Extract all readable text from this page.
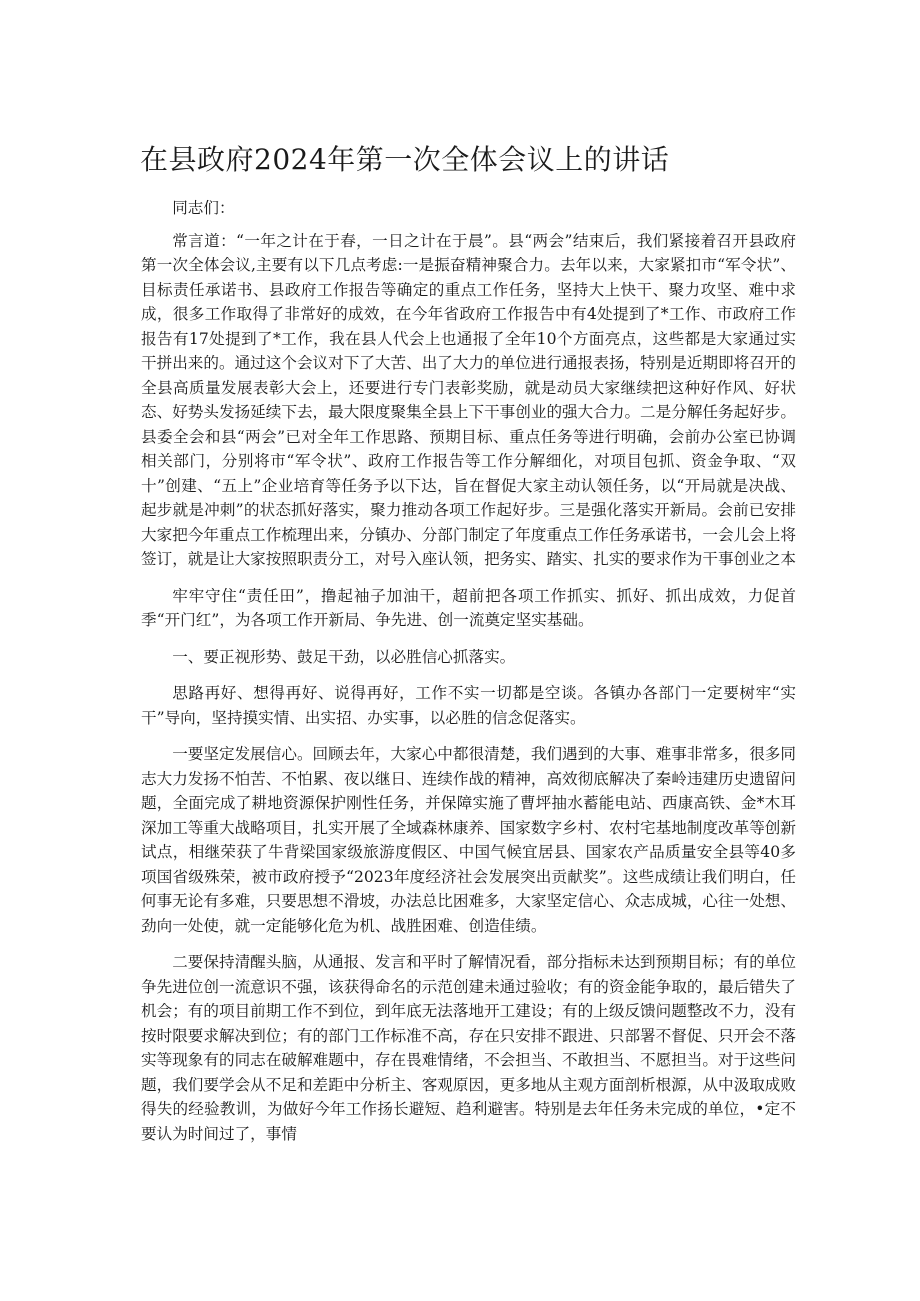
在县政府2024年第一次全体会议上的讲话

同志们：

常言道：“一年之计在于春，一日之计在于晨”。县“两会”结束后，我们紧接着召开县政府第一次全体会议,主要有以下几点考虑:一是振奋精神聚合力。去年以来，大家紧扣市“军令状”、目标责任承诺书、县政府工作报告等确定的重点工作任务，坚持大上快干、聚力攻坚、难中求成，很多工作取得了非常好的成效，在今年省政府工作报告中有4处提到了*工作、市政府工作报告有17处提到了*工作，我在县人代会上也通报了全年10个方面亮点，这些都是大家通过实干拼出来的。通过这个会议对下了大苦、出了大力的单位进行通报表扬，特别是近期即将召开的全县高质量发展表彰大会上，还要进行专门表彰奖励，就是动员大家继续把这种好作风、好状态、好势头发扬延续下去，最大限度聚集全县上下干事创业的强大合力。二是分解任务起好步。县委全会和县“两会”已对全年工作思路、预期目标、重点任务等进行明确，会前办公室已协调相关部门，分别将市“军令状”、政府工作报告等工作分解细化，对项目包抓、资金争取、“双十”创建、“五上”企业培育等任务予以下达，旨在督促大家主动认领任务，以“开局就是决战、起步就是冲刺”的状态抓好落实，聚力推动各项工作起好步。三是强化落实开新局。会前已安排大家把今年重点工作梳理出来，分镇办、分部门制定了年度重点工作任务承诺书，一会儿会上将签订，就是让大家按照职责分工，对号入座认领，把务实、踏实、扎实的要求作为干事创业之本

牢牢守住“责任田”，撸起袖子加油干，超前把各项工作抓实、抓好、抓出成效，力促首季“开门红”，为各项工作开新局、争先进、创一流奠定坚实基础。

一、要正视形势、鼓足干劲，以必胜信心抓落实。

思路再好、想得再好、说得再好，工作不实一切都是空谈。各镇办各部门一定要树牢“实干”导向，坚持摸实情、出实招、办实事，以必胜的信念促落实。

一要坚定发展信心。回顾去年，大家心中都很清楚，我们遇到的大事、难事非常多，很多同志大力发扬不怕苦、不怕累、夜以继日、连续作战的精神，高效彻底解决了秦岭违建历史遗留问题，全面完成了耕地资源保护刚性任务，并保障实施了曹坪抽水蓄能电站、西康高铁、金*木耳深加工等重大战略项目，扎实开展了全域森林康养、国家数字乡村、农村宅基地制度改革等创新试点，相继荣获了牛背梁国家级旅游度假区、中国气候宜居县、国家农产品质量安全县等40多项国省级殊荣，被市政府授予“2023年度经济社会发展突出贡献奖”。这些成绩让我们明白，任何事无论有多难，只要思想不滑坡，办法总比困难多，大家坚定信心、众志成城，心往一处想、劲向一处使，就一定能够化危为机、战胜困难、创造佳绩。

二要保持清醒头脑，从通报、发言和平时了解情况看，部分指标未达到预期目标；有的单位争先进位创一流意识不强，该获得命名的示范创建未通过验收；有的资金能争取的，最后错失了机会；有的项目前期工作不到位，到年底无法落地开工建设；有的上级反馈问题整改不力，没有按时限要求解决到位；有的部门工作标准不高，存在只安排不跟进、只部署不督促、只开会不落实等现象有的同志在破解难题中，存在畏难情绪，不会担当、不敢担当、不愿担当。对于这些问题，我们要学会从不足和差距中分析主、客观原因，更多地从主观方面剖析根源，从中汲取成败得失的经验教训，为做好今年工作扬长避短、趋利避害。特别是去年任务未完成的单位，•定不要认为时间过了，事情
